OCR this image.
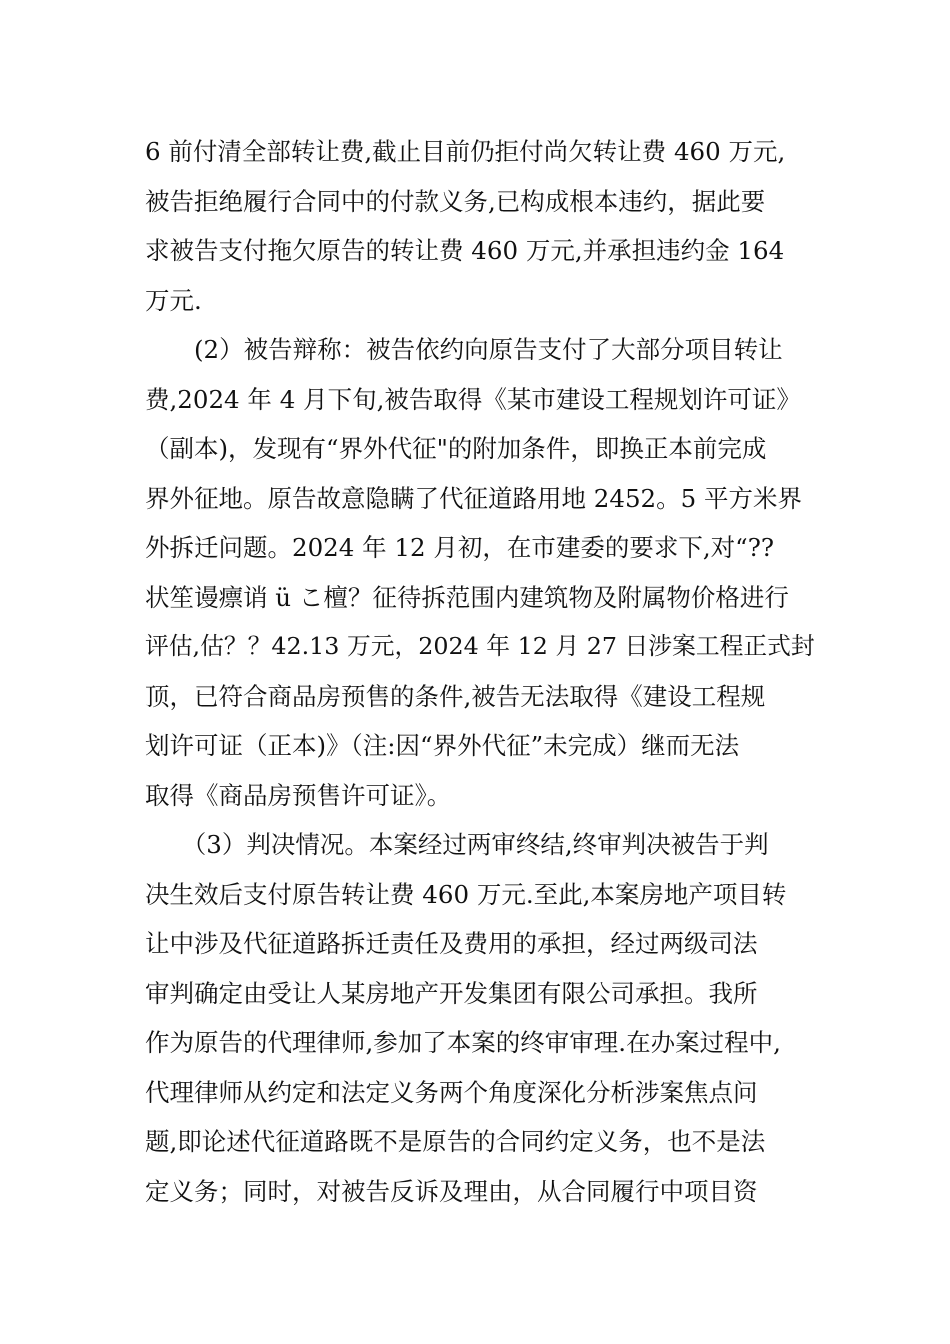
6 前付清全部转让费,截止目前仍拒付尚欠转让费 460 万元,
被告拒绝履行合同中的付款义务,已构成根本违约，据此要
求被告支付拖欠原告的转让费 460 万元,并承担违约金 164
万元.
　　(2）被告辩称：被告依约向原告支付了大部分项目转让
费,2024 年 4 月下旬,被告取得《某市建设工程规划许可证》
（副本)，发现有“界外代征"的附加条件，即换正本前完成
界外征地。原告故意隐瞒了代征道路用地 2452。5 平方米界
外拆迁问题。2024 年 12 月初，在市建委的要求下,对“??
状笙谩瘭诮 ü こ檀？征待拆范围内建筑物及附属物价格进行
评估,估？？42.13 万元，2024 年 12 月 27 日涉案工程正式封
顶，已符合商品房预售的条件,被告无法取得《建设工程规
划许可证（正本)》（注:因“界外代征”未完成）继而无法
取得《商品房预售许可证》。
　　（3）判决情况。本案经过两审终结,终审判决被告于判
决生效后支付原告转让费 460 万元.至此,本案房地产项目转
让中涉及代征道路拆迁责任及费用的承担，经过两级司法
审判确定由受让人某房地产开发集团有限公司承担。我所
作为原告的代理律师,参加了本案的终审审理.在办案过程中,
代理律师从约定和法定义务两个角度深化分析涉案焦点问
题,即论述代征道路既不是原告的合同约定义务，也不是法
定义务；同时，对被告反诉及理由，从合同履行中项目资
